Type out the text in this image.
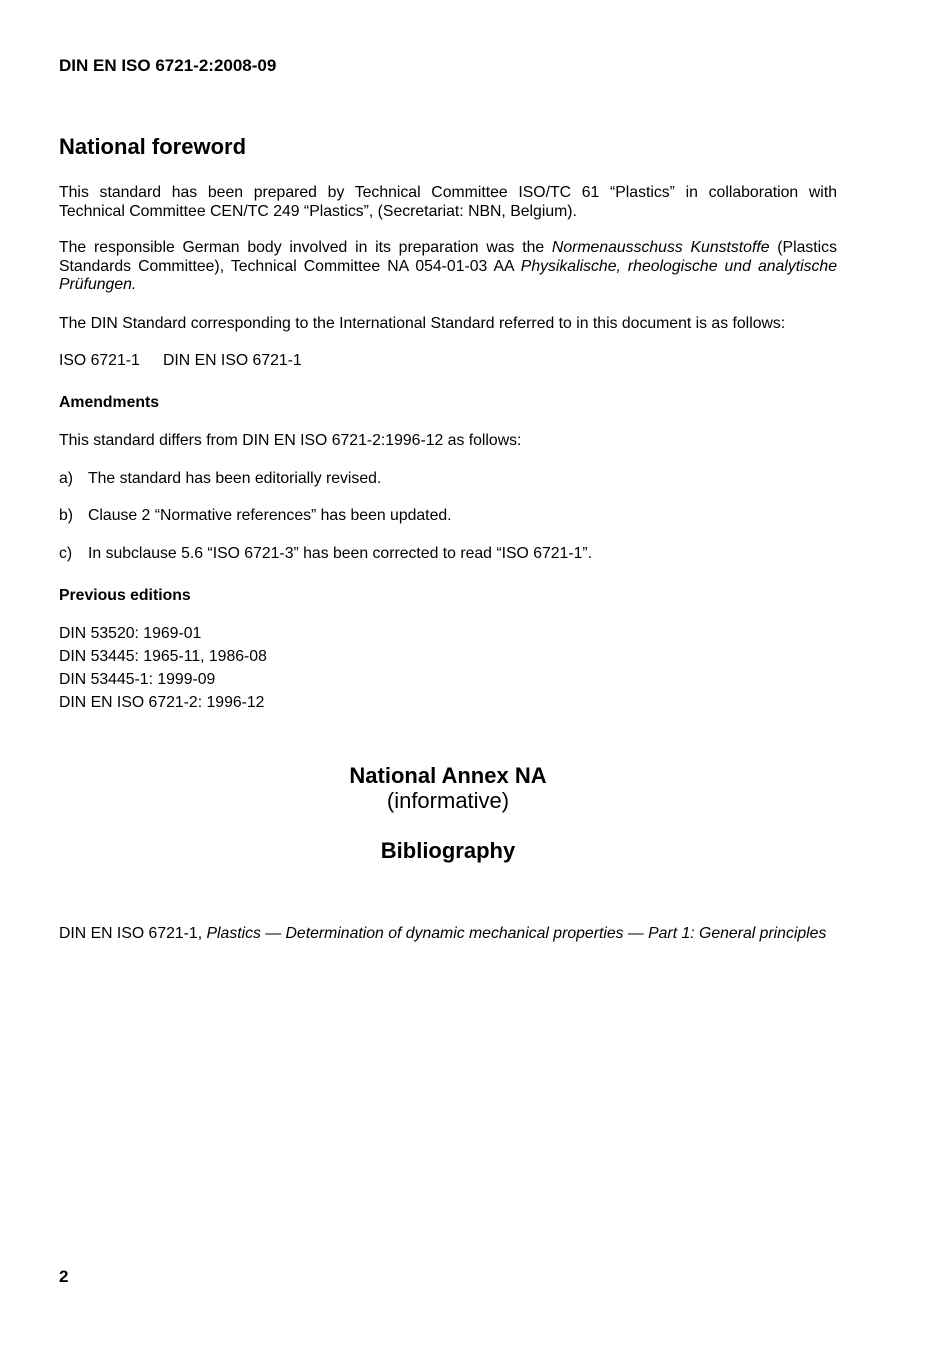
DIN EN ISO 6721-2:2008-09
National foreword
This standard has been prepared by Technical Committee ISO/TC 61 “Plastics” in collaboration with
Technical Committee CEN/TC 249 “Plastics”, (Secretariat: NBN, Belgium).
The responsible German body involved in its preparation was the Normenausschuss Kunststoffe (Plastics
Standards Committee), Technical Committee NA 054-01-03 AA Physikalische, rheologische und analytische
Prüfungen.
The DIN Standard corresponding to the International Standard referred to in this document is as follows:
ISO 6721-1 DIN EN ISO 6721-1
Amendments
This standard differs from DIN EN ISO 6721-2:1996-12 as follows:
a) The standard has been editorially revised.
b) Clause 2 “Normative references” has been updated.
c) In subclause 5.6 “ISO 6721-3” has been corrected to read “ISO 6721-1”.
Previous editions
DIN 53520: 1969-01
DIN 53445: 1965-11, 1986-08
DIN 53445-1: 1999-09
DIN EN ISO 6721-2: 1996-12
National Annex NA
(informative)
Bibliography
DIN EN ISO 6721-1, Plastics — Determination of dynamic mechanical properties — Part 1: General principles
2
